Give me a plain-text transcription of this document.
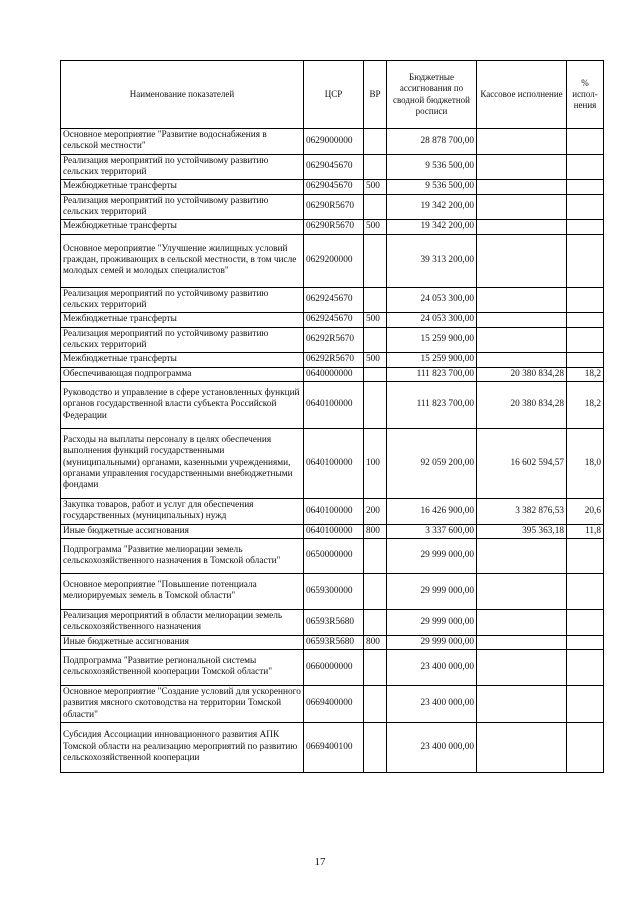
Наименование показателей	ЦСР	ВР	Бюджетные ассигнования по сводной бюджетной росписи	Кассовое исполнение	% испол-нения
Основное мероприятие "Развитие водоснабжения в сельской местности"	0629000000		28 878 700,00		
Реализация мероприятий по устойчивому развитию сельских территорий	0629045670		9 536 500,00		
Межбюджетные трансферты	0629045670	500	9 536 500,00		
Реализация мероприятий по устойчивому развитию сельских территорий	06290R5670		19 342 200,00		
Межбюджетные трансферты	06290R5670	500	19 342 200,00		
Основное мероприятие "Улучшение жилищных условий граждан, проживающих в сельской местности, в том числе молодых семей и молодых специалистов"	0629200000		39 313 200,00		
Реализация мероприятий по устойчивому развитию сельских территорий	0629245670		24 053 300,00		
Межбюджетные трансферты	0629245670	500	24 053 300,00		
Реализация мероприятий по устойчивому развитию сельских территорий	06292R5670		15 259 900,00		
Межбюджетные трансферты	06292R5670	500	15 259 900,00		
Обеспечивающая подпрограмма	0640000000		111 823 700,00	20 380 834,28	18,2
Руководство и управление в сфере установленных функций органов государственной власти субъекта Российской Федерации	0640100000		111 823 700,00	20 380 834,28	18,2
Расходы на выплаты персоналу в целях обеспечения выполнения функций государственными (муниципальными) органами, казенными учреждениями, органами управления государственными внебюджетными фондами	0640100000	100	92 059 200,00	16 602 594,57	18,0
Закупка товаров, работ и услуг для обеспечения государственных (муниципальных) нужд	0640100000	200	16 426 900,00	3 382 876,53	20,6
Иные бюджетные ассигнования	0640100000	800	3 337 600,00	395 363,18	11,8
Подпрограмма "Развитие мелиорации земель сельскохозяйственного назначения в Томской области"	0650000000		29 999 000,00		
Основное мероприятие "Повышение потенциала мелиорируемых земель в Томской области"	0659300000		29 999 000,00		
Реализация мероприятий в области мелиорации земель сельскохозяйственного назначения	06593R5680		29 999 000,00		
Иные бюджетные ассигнования	06593R5680	800	29 999 000,00		
Подпрограмма "Развитие региональной системы сельскохозяйственной кооперации Томской области"	0660000000		23 400 000,00		
Основное мероприятие "Создание условий для ускоренного развития мясного скотоводства на территории Томской области"	0669400000		23 400 000,00		
Субсидия Ассоциации инновационного развития АПК Томской области на реализацию мероприятий по развитию сельскохозяйственной кооперации	0669400100		23 400 000,00		
17
